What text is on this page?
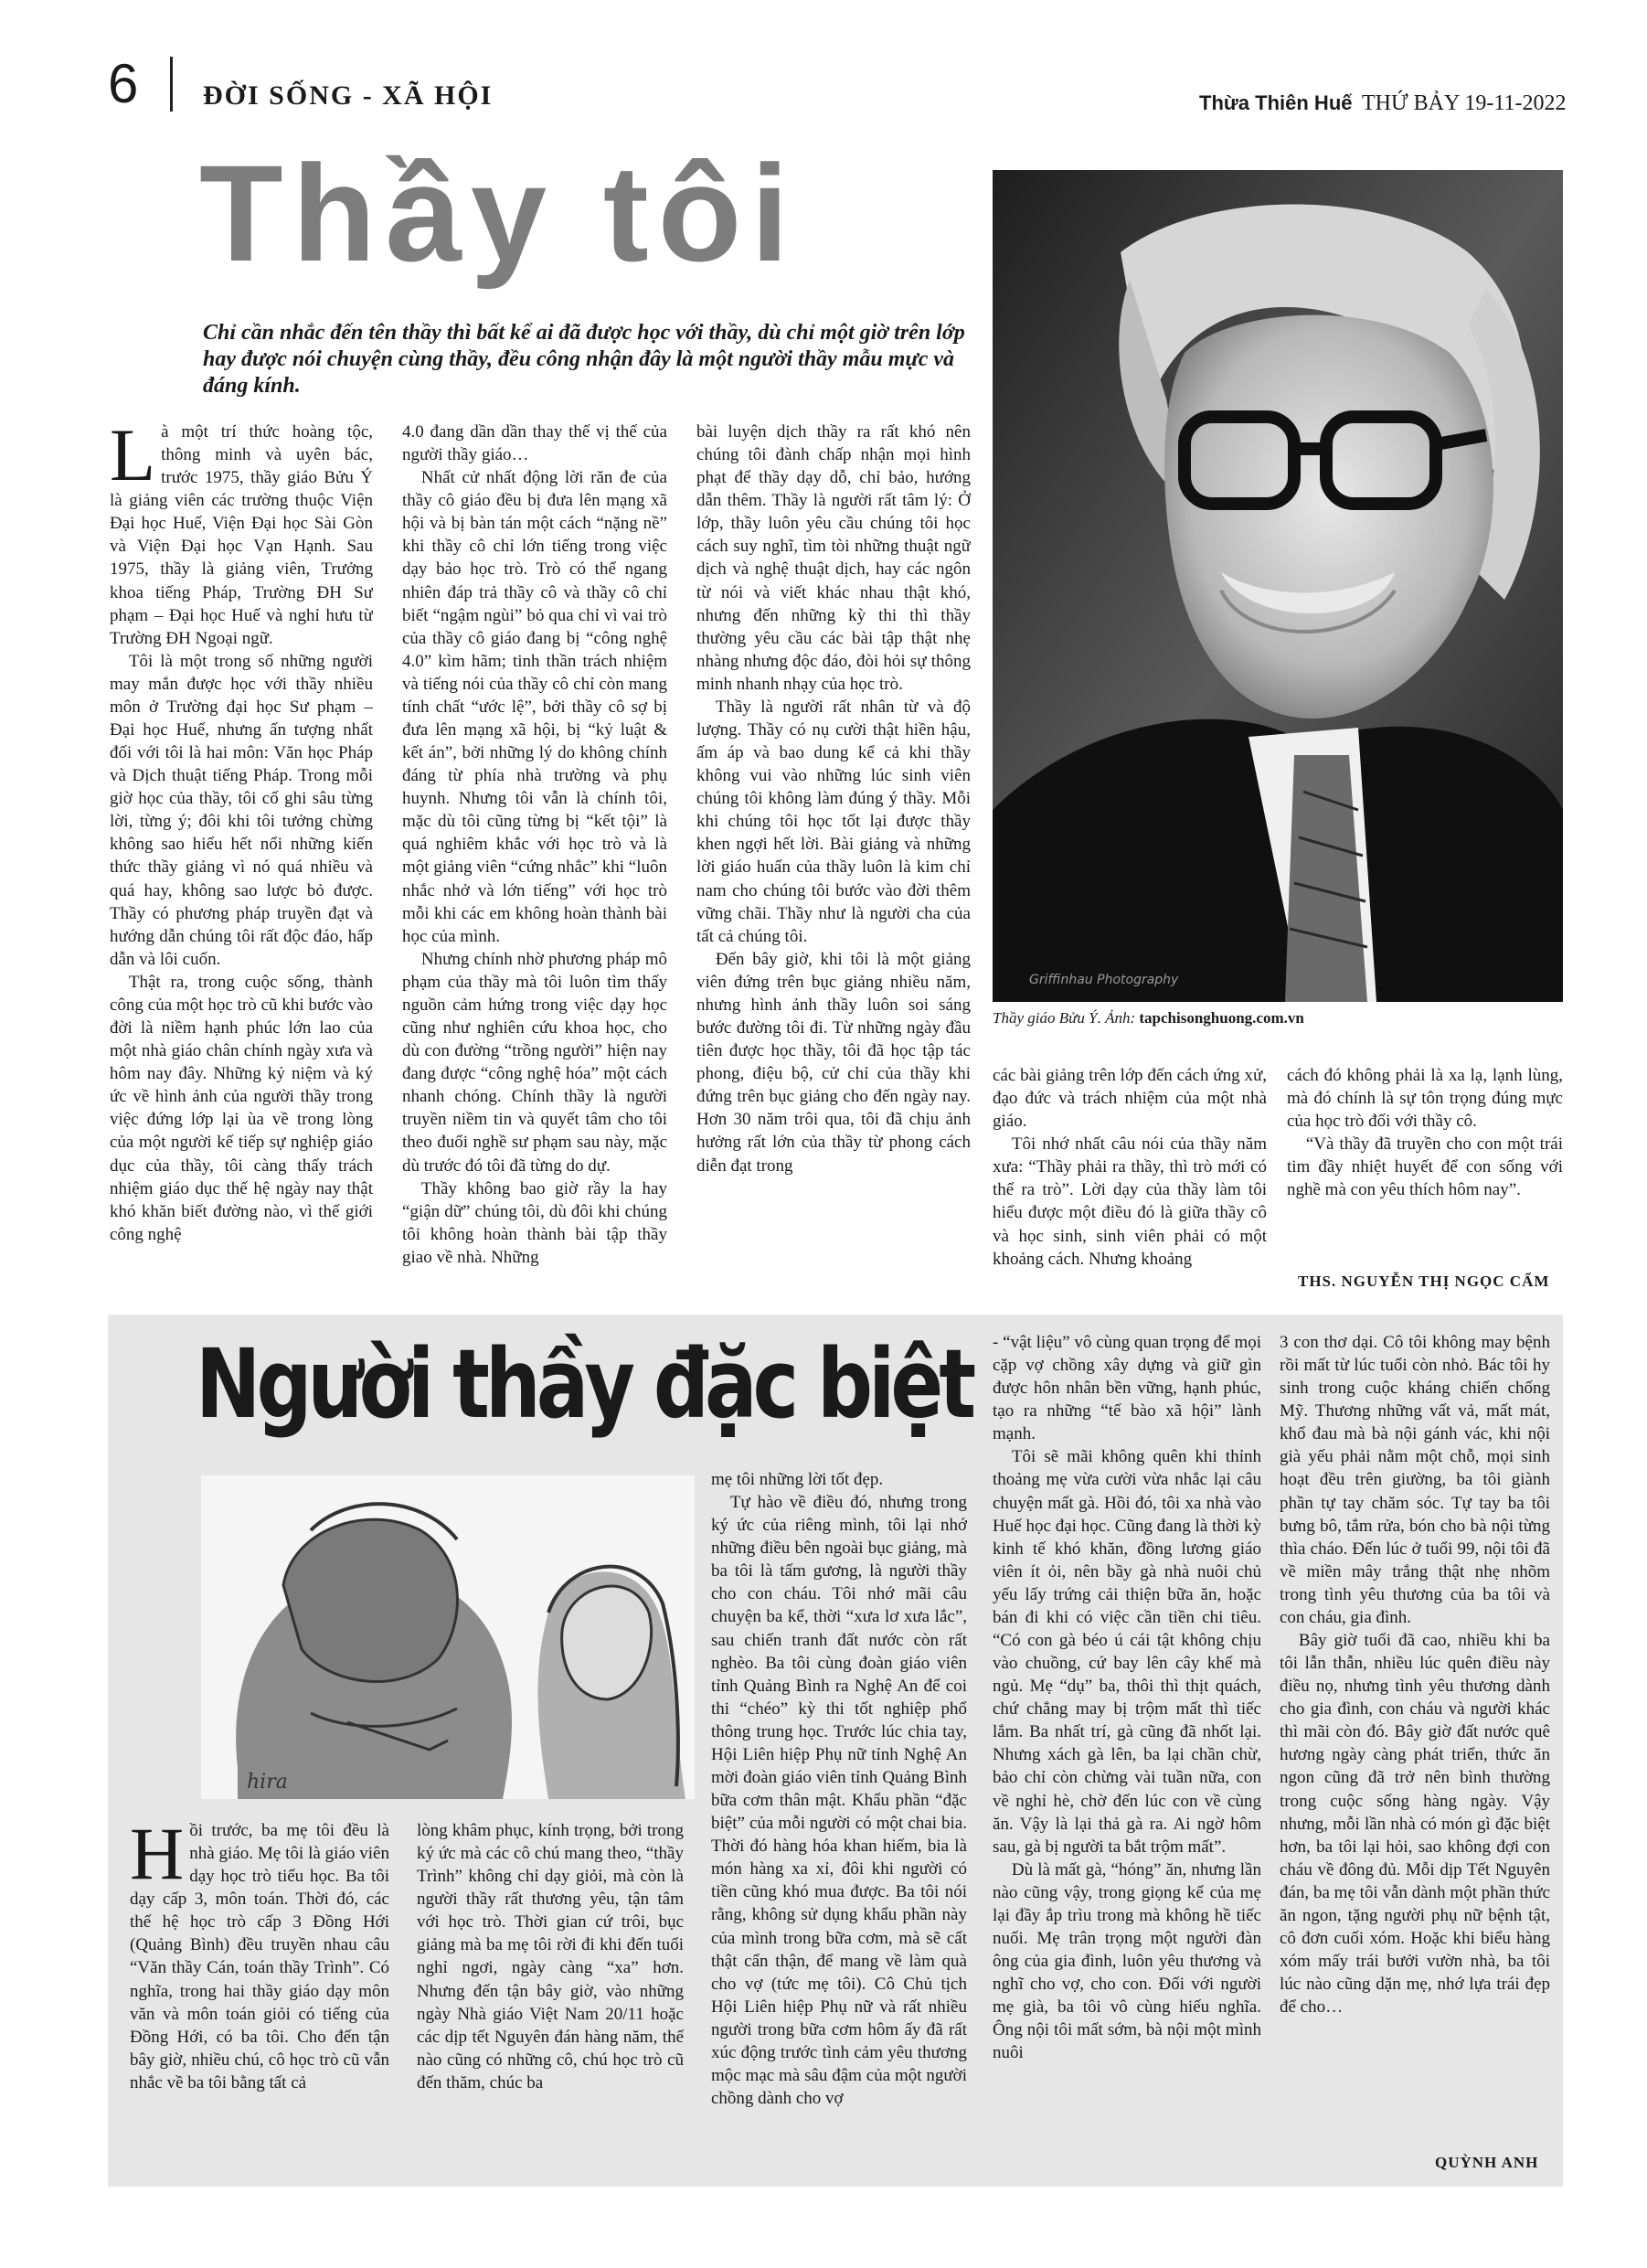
6 ĐỜI SỐNG - XÃ HỘI	Thừa Thiên Huế THỨ BẢY 19-11-2022
Thầy tôi
Griffinhau Photography
Thầy giáo Bửu Ý. Ảnh: tapchisonghuong.com.vn
Chỉ cần nhắc đến tên thầy thì bất kể ai đã được học với thầy, dù chỉ một giờ trên lớp hay được nói chuyện cùng thầy, đều công nhận đây là một người thầy mẫu mực và đáng kính.

Là một trí thức hoàng tộc, thông minh và uyên bác, trước 1975, thầy giáo Bửu Ý là giảng viên các trường thuộc Viện Đại học Huế, Viện Đại học Sài Gòn và Viện Đại học Vạn Hạnh. Sau 1975, thầy là giảng viên, Trưởng khoa tiếng Pháp, Trường ĐH Sư phạm – Đại học Huế và nghỉ hưu từ Trường ĐH Ngoại ngữ.

Tôi là một trong số những người may mắn được học với thầy nhiều môn ở Trường đại học Sư phạm – Đại học Huế, nhưng ấn tượng nhất đối với tôi là hai môn: Văn học Pháp và Dịch thuật tiếng Pháp. Trong mỗi giờ học của thầy, tôi cố ghi sâu từng lời, từng ý; đôi khi tôi tưởng chừng không sao hiểu hết nổi những kiến thức thầy giảng vì nó quá nhiều và quá hay, không sao lược bỏ được. Thầy có phương pháp truyền đạt và hướng dẫn chúng tôi rất độc đáo, hấp dẫn và lôi cuốn.

Thật ra, trong cuộc sống, thành công của một học trò cũ khi bước vào đời là niềm hạnh phúc lớn lao của một nhà giáo chân chính ngày xưa và hôm nay đây. Những kỷ niệm và ký ức về hình ảnh của người thầy trong việc đứng lớp lại ùa về trong lòng của một người kế tiếp sự nghiệp giáo dục của thầy, tôi càng thấy trách nhiệm giáo dục thế hệ ngày nay thật khó khăn biết đường nào, vì thế giới công nghệ

4.0 đang dần dần thay thế vị thế của người thầy giáo…

Nhất cử nhất động lời răn đe của thầy cô giáo đều bị đưa lên mạng xã hội và bị bàn tán một cách “nặng nề” khi thầy cô chỉ lớn tiếng trong việc dạy bảo học trò. Trò có thể ngang nhiên đáp trả thầy cô và thầy cô chỉ biết “ngậm ngùi” bỏ qua chỉ vì vai trò của thầy cô giáo đang bị “công nghệ 4.0” kìm hãm; tinh thần trách nhiệm và tiếng nói của thầy cô chỉ còn mang tính chất “ước lệ”, bởi thầy cô sợ bị đưa lên mạng xã hội, bị “kỷ luật & kết án”, bởi những lý do không chính đáng từ phía nhà trường và phụ huynh. Nhưng tôi vẫn là chính tôi, mặc dù tôi cũng từng bị “kết tội” là quá nghiêm khắc với học trò và là một giảng viên “cứng nhắc” khi “luôn nhắc nhở và lớn tiếng” với học trò mỗi khi các em không hoàn thành bài học của mình.

Nhưng chính nhờ phương pháp mô phạm của thầy mà tôi luôn tìm thấy nguồn cảm hứng trong việc dạy học cũng như nghiên cứu khoa học, cho dù con đường “trồng người” hiện nay đang được “công nghệ hóa” một cách nhanh chóng. Chính thầy là người truyền niềm tin và quyết tâm cho tôi theo đuổi nghề sư phạm sau này, mặc dù trước đó tôi đã từng do dự.

Thầy không bao giờ rầy la hay “giận dữ” chúng tôi, dù đôi khi chúng tôi không hoàn thành bài tập thầy giao về nhà. Những

bài luyện dịch thầy ra rất khó nên chúng tôi đành chấp nhận mọi hình phạt để thầy dạy dỗ, chỉ bảo, hướng dẫn thêm. Thầy là người rất tâm lý: Ở lớp, thầy luôn yêu cầu chúng tôi học cách suy nghĩ, tìm tòi những thuật ngữ dịch và nghệ thuật dịch, hay các ngôn từ nói và viết khác nhau thật khó, nhưng đến những kỳ thi thì thầy thường yêu cầu các bài tập thật nhẹ nhàng nhưng độc đáo, đòi hỏi sự thông minh nhanh nhạy của học trò.

Thầy là người rất nhân từ và độ lượng. Thầy có nụ cười thật hiền hậu, ấm áp và bao dung kể cả khi thầy không vui vào những lúc sinh viên chúng tôi không làm đúng ý thầy. Mỗi khi chúng tôi học tốt lại được thầy khen ngợi hết lời. Bài giảng và những lời giáo huấn của thầy luôn là kim chỉ nam cho chúng tôi bước vào đời thêm vững chãi. Thầy như là người cha của tất cả chúng tôi.

Đến bây giờ, khi tôi là một giảng viên đứng trên bục giảng nhiều năm, nhưng hình ảnh thầy luôn soi sáng bước đường tôi đi. Từ những ngày đầu tiên được học thầy, tôi đã học tập tác phong, điệu bộ, cử chỉ của thầy khi đứng trên bục giảng cho đến ngày nay. Hơn 30 năm trôi qua, tôi đã chịu ảnh hưởng rất lớn của thầy từ phong cách diễn đạt trong

các bài giảng trên lớp đến cách ứng xử, đạo đức và trách nhiệm của một nhà giáo.

Tôi nhớ nhất câu nói của thầy năm xưa: “Thầy phải ra thầy, thì trò mới có thể ra trò”. Lời dạy của thầy làm tôi hiểu được một điều đó là giữa thầy cô và học sinh, sinh viên phải có một khoảng cách. Nhưng khoảng

cách đó không phải là xa lạ, lạnh lùng, mà đó chính là sự tôn trọng đúng mực của học trò đối với thầy cô.

“Và thầy đã truyền cho con một trái tim đầy nhiệt huyết để con sống với nghề mà con yêu thích hôm nay”.

THS. NGUYỄN THỊ NGỌC CẨM
Người thầy đặc biệt
hira

Hồi trước, ba mẹ tôi đều là nhà giáo. Mẹ tôi là giáo viên dạy học trò tiểu học. Ba tôi dạy cấp 3, môn toán. Thời đó, các thế hệ học trò cấp 3 Đồng Hới (Quảng Bình) đều truyền nhau câu “Văn thầy Cán, toán thầy Trình”. Có nghĩa, trong hai thầy giáo dạy môn văn và môn toán giỏi có tiếng của Đồng Hới, có ba tôi. Cho đến tận bây giờ, nhiều chú, cô học trò cũ vẫn nhắc về ba tôi bằng tất cả

lòng khâm phục, kính trọng, bởi trong ký ức mà các cô chú mang theo, “thầy Trình” không chỉ dạy giỏi, mà còn là người thầy rất thương yêu, tận tâm với học trò. Thời gian cứ trôi, bục giảng mà ba mẹ tôi rời đi khi đến tuổi nghỉ ngơi, ngày càng “xa” hơn. Nhưng đến tận bây giờ, vào những ngày Nhà giáo Việt Nam 20/11 hoặc các dịp tết Nguyên đán hàng năm, thế nào cũng có những cô, chú học trò cũ đến thăm, chúc ba

mẹ tôi những lời tốt đẹp.

Tự hào về điều đó, nhưng trong ký ức của riêng mình, tôi lại nhớ những điều bên ngoài bục giảng, mà ba tôi là tấm gương, là người thầy cho con cháu. Tôi nhớ mãi câu chuyện ba kể, thời “xưa lơ xưa lắc”, sau chiến tranh đất nước còn rất nghèo. Ba tôi cùng đoàn giáo viên tỉnh Quảng Bình ra Nghệ An để coi thi “chéo” kỳ thi tốt nghiệp phổ thông trung học. Trước lúc chia tay, Hội Liên hiệp Phụ nữ tỉnh Nghệ An mời đoàn giáo viên tỉnh Quảng Bình bữa cơm thân mật. Khẩu phần “đặc biệt” của mỗi người có một chai bia. Thời đó hàng hóa khan hiếm, bia là món hàng xa xỉ, đôi khi người có tiền cũng khó mua được. Ba tôi nói rằng, không sử dụng khẩu phần này của mình trong bữa cơm, mà sẽ cất thật cẩn thận, để mang về làm quà cho vợ (tức mẹ tôi). Cô Chủ tịch Hội Liên hiệp Phụ nữ và rất nhiều người trong bữa cơm hôm ấy đã rất xúc động trước tình cảm yêu thương mộc mạc mà sâu đậm của một người chồng dành cho vợ

- “vật liệu” vô cùng quan trọng để mọi cặp vợ chồng xây dựng và giữ gìn được hôn nhân bền vững, hạnh phúc, tạo ra những “tế bào xã hội” lành mạnh.

Tôi sẽ mãi không quên khi thỉnh thoảng mẹ vừa cười vừa nhắc lại câu chuyện mất gà. Hồi đó, tôi xa nhà vào Huế học đại học. Cũng đang là thời kỳ kinh tế khó khăn, đồng lương giáo viên ít ỏi, nên bầy gà nhà nuôi chủ yếu lấy trứng cải thiện bữa ăn, hoặc bán đi khi có việc cần tiền chi tiêu. “Có con gà béo ú cái tật không chịu vào chuồng, cứ bay lên cây khế mà ngủ. Mẹ “dụ” ba, thôi thì thịt quách, chứ chẳng may bị trộm mất thì tiếc lắm. Ba nhất trí, gà cũng đã nhốt lại. Nhưng xách gà lên, ba lại chần chừ, bảo chỉ còn chừng vài tuần nữa, con về nghỉ hè, chờ đến lúc con về cùng ăn. Vậy là lại thả gà ra. Ai ngờ hôm sau, gà bị người ta bắt trộm mất”.

Dù là mất gà, “hóng” ăn, nhưng lần nào cũng vậy, trong giọng kể của mẹ lại đầy ắp trìu trong mà không hề tiếc nuối. Mẹ trân trọng một người đàn ông của gia đình, luôn yêu thương và nghĩ cho vợ, cho con. Đối với người mẹ già, ba tôi vô cùng hiếu nghĩa. Ông nội tôi mất sớm, bà nội một mình nuôi

3 con thơ dại. Cô tôi không may bệnh rồi mất từ lúc tuổi còn nhỏ. Bác tôi hy sinh trong cuộc kháng chiến chống Mỹ. Thương những vất vả, mất mát, khổ đau mà bà nội gánh vác, khi nội già yếu phải nằm một chỗ, mọi sinh hoạt đều trên giường, ba tôi giành phần tự tay chăm sóc. Tự tay ba tôi bưng bô, tắm rửa, bón cho bà nội từng thìa cháo. Đến lúc ở tuổi 99, nội tôi đã về miền mây trắng thật nhẹ nhõm trong tình yêu thương của ba tôi và con cháu, gia đình.

Bây giờ tuổi đã cao, nhiều khi ba tôi lẫn thẫn, nhiều lúc quên điều này điều nọ, nhưng tình yêu thương dành cho gia đình, con cháu và người khác thì mãi còn đó. Bây giờ đất nước quê hương ngày càng phát triển, thức ăn ngon cũng đã trở nên bình thường trong cuộc sống hàng ngày. Vậy nhưng, mỗi lần nhà có món gì đặc biệt hơn, ba tôi lại hỏi, sao không đợi con cháu về đông đủ. Mỗi dịp Tết Nguyên đán, ba mẹ tôi vẫn dành một phần thức ăn ngon, tặng người phụ nữ bệnh tật, cô đơn cuối xóm. Hoặc khi biểu hàng xóm mấy trái bưởi vườn nhà, ba tôi lúc nào cũng dặn mẹ, nhớ lựa trái đẹp để cho…

QUỲNH ANH
